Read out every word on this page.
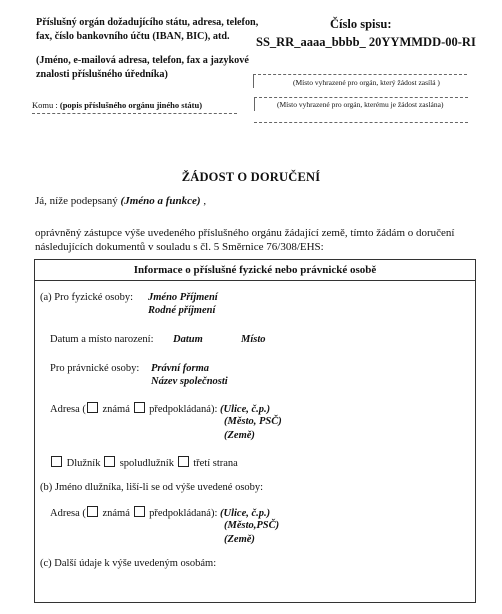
Příslušný orgán dožadujícího státu, adresa, telefon,

fax, číslo bankovního účtu (IBAN, BIC), atd.

(Jméno, e-mailová adresa, telefon, fax a jazykové

znalosti příslušného úředníka)

Číslo spisu:
SS_RR_aaaa_bbbb_ 20YYMMDD-00-RI
(Místo vyhrazené pro orgán, který žádost zasílá )
Komu : (popis příslušného orgánu jiného státu)	(Místo vyhrazené pro orgán, kterému je žádost zaslána)
ŽÁDOST O DORUČENÍ
Já, níže podepsaný (Jméno a funkce) ,
oprávněný zástupce výše uvedeného příslušného orgánu žádající země, tímto žádám o doručení následujících dokumentů v souladu s čl. 5 Směrnice 76/308/EHS:
Informace o příslušné fyzické nebo právnické osobě
(a) Pro fyzické osoby: Jméno Příjmení
Rodné příjmení
Datum a místo narození: Datum	Místo
Pro právnické osoby: Právní forma
Název společnosti
Adresa ( známá předpokládaná): (Ulice, č.p.)
(Město, PSČ)
(Země)
Dlužník spoludlužník třetí strana
(b) Jméno dlužníka, liší-li se od výše uvedené osoby:
Adresa ( známá předpokládaná): (Ulice, č.p.)
(Město,PSČ)
(Země)
(c) Další údaje k výše uvedeným osobám:
